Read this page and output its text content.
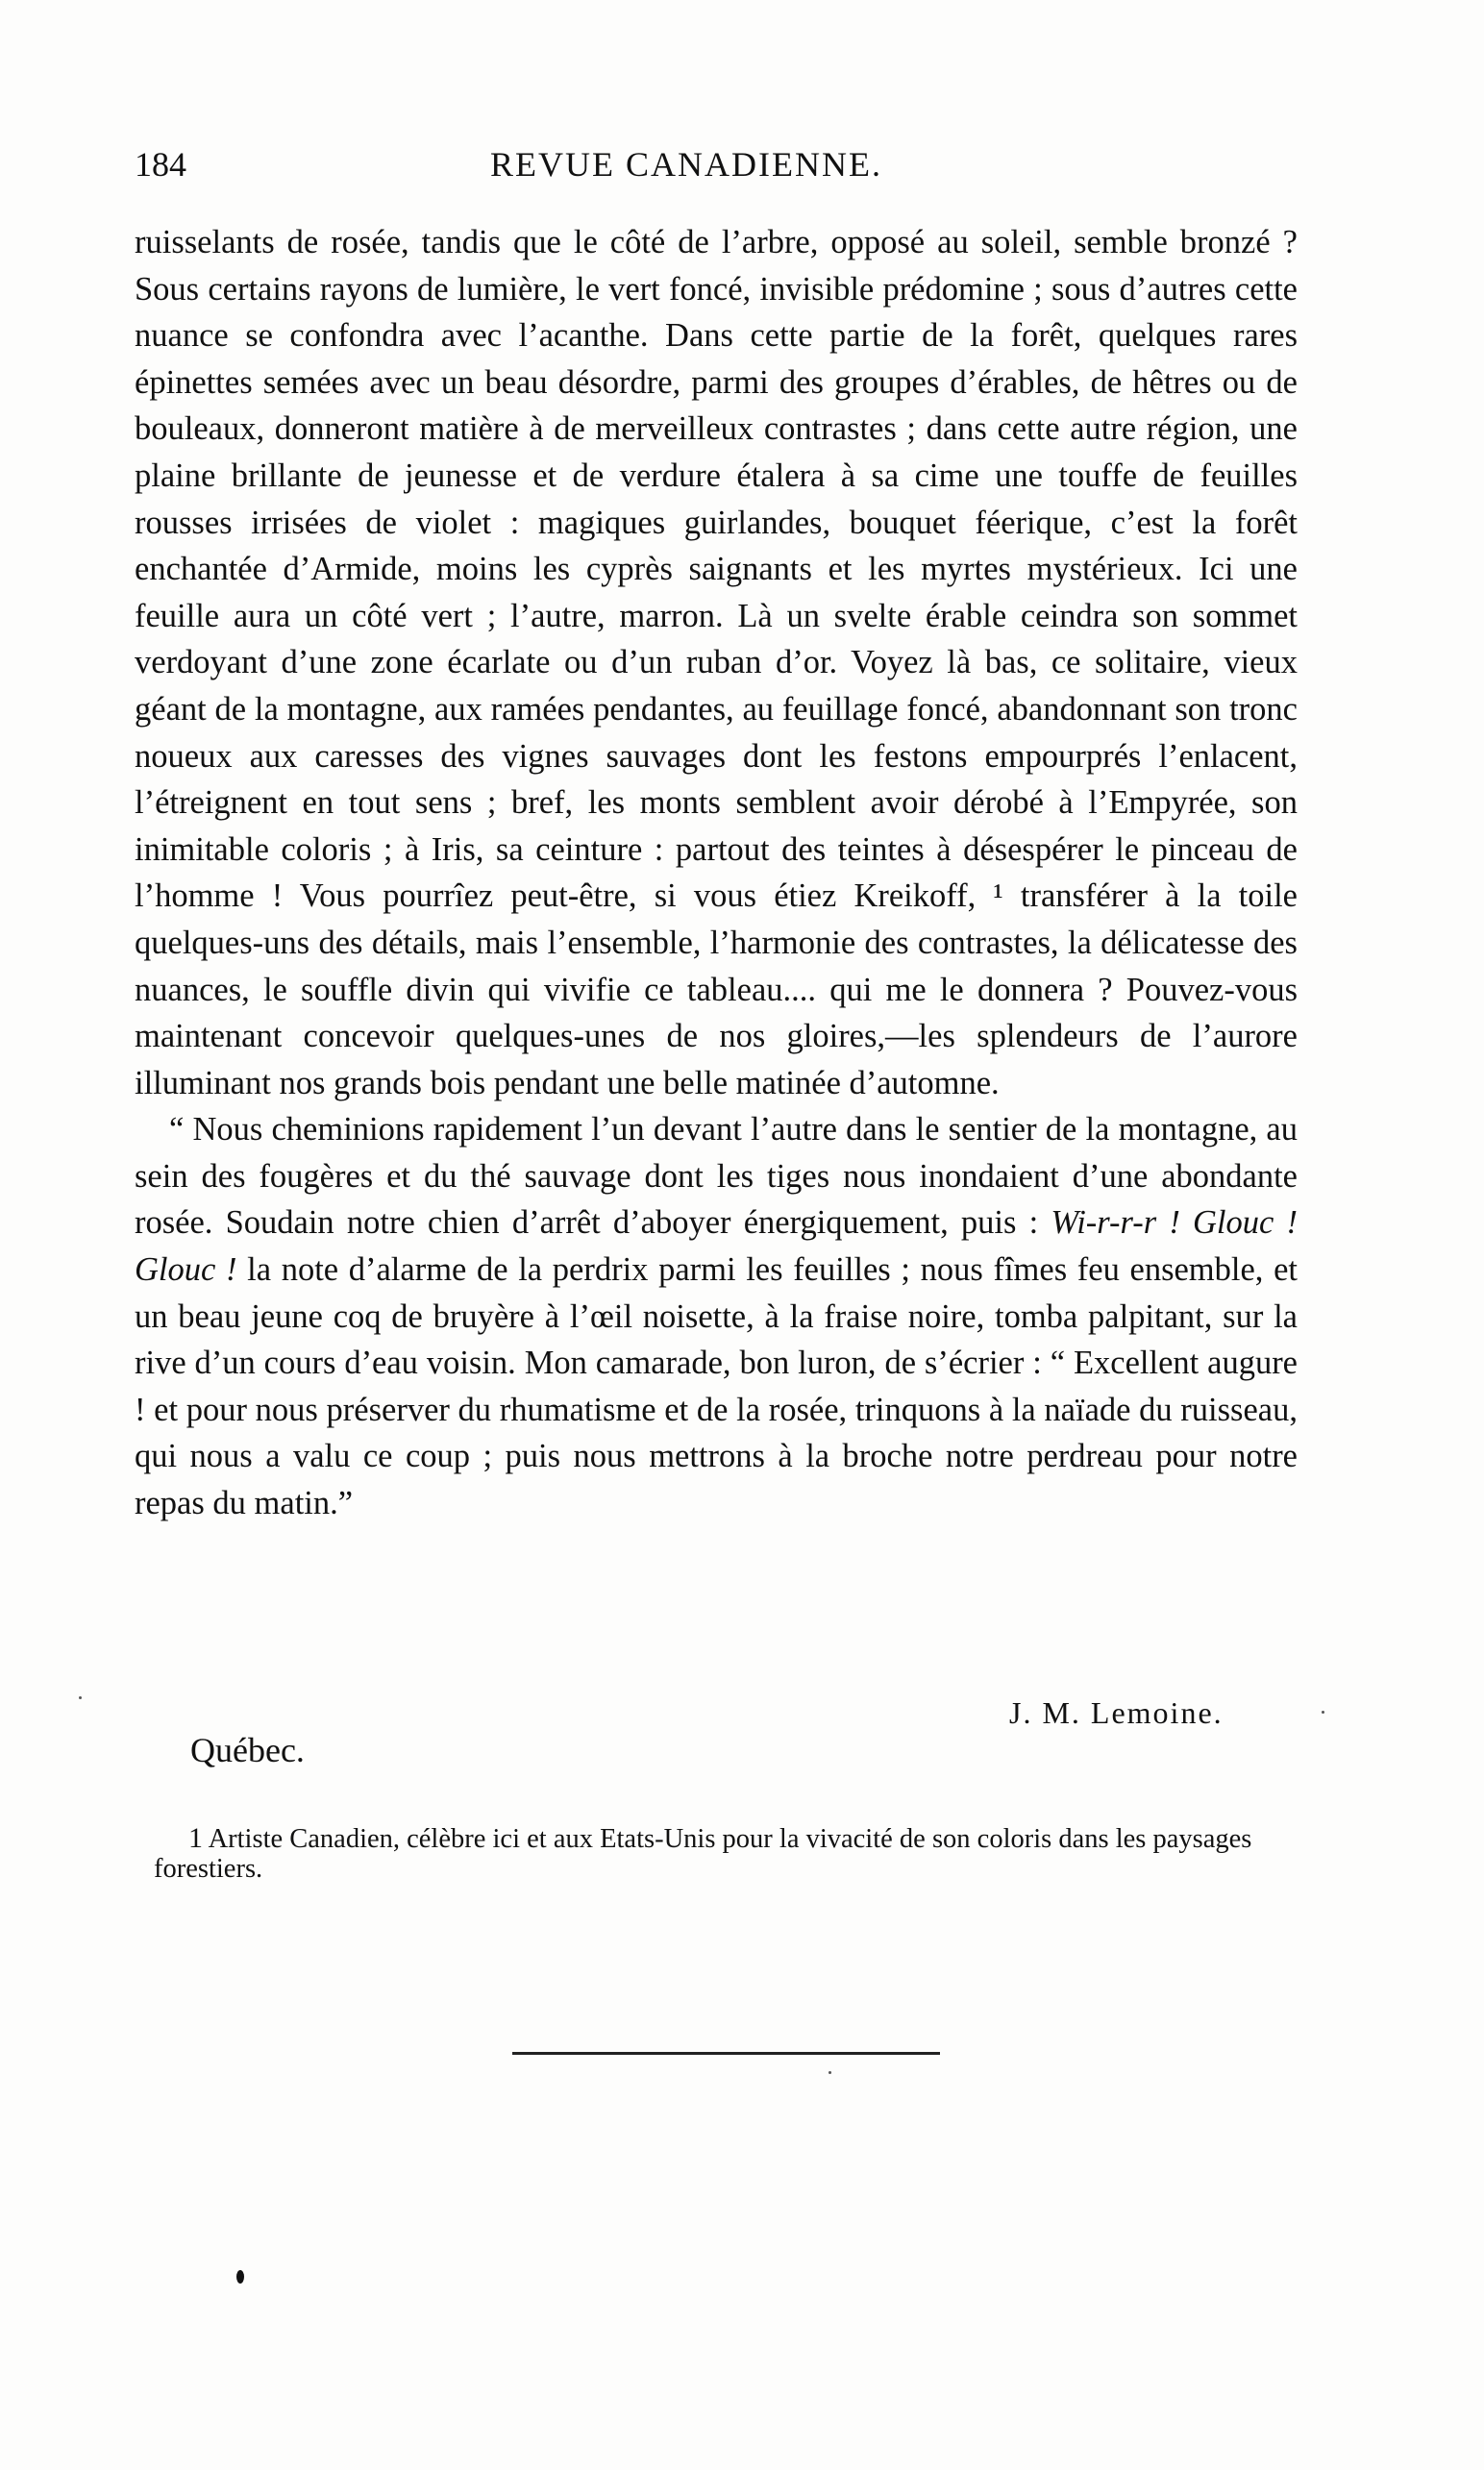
184	REVUE CANADIENNE.

ruisselants de rosée, tandis que le côté de l’arbre, opposé au soleil, semble bronzé ? Sous certains rayons de lumière, le vert foncé, invisible prédomine ; sous d’autres cette nuance se confondra avec l’acanthe. Dans cette partie de la forêt, quelques rares épinettes semées avec un beau désordre, parmi des groupes d’érables, de hêtres ou de bouleaux, donneront matière à de merveilleux contrastes ; dans cette autre région, une plaine brillante de jeunesse et de verdure étalera à sa cime une touffe de feuilles rousses irrisées de violet : magiques guirlandes, bouquet féerique, c’est la forêt enchantée d’Armide, moins les cyprès saignants et les myrtes mystérieux. Ici une feuille aura un côté vert ; l’autre, marron. Là un svelte érable ceindra son sommet verdoyant d’une zone écarlate ou d’un ruban d’or. Voyez là bas, ce solitaire, vieux géant de la montagne, aux ramées pendantes, au feuillage foncé, abandonnant son tronc noueux aux caresses des vignes sauvages dont les festons empourprés l’enlacent, l’étreignent en tout sens ; bref, les monts semblent avoir dérobé à l’Empyrée, son inimitable coloris ; à Iris, sa ceinture : partout des teintes à désespérer le pinceau de l’homme ! Vous pourrîez peut-être, si vous étiez Kreikoff, ¹ transférer à la toile quelques-uns des détails, mais l’ensemble, l’harmonie des contrastes, la délicatesse des nuances, le souffle divin qui vivifie ce tableau.... qui me le donnera ? Pouvez-vous maintenant concevoir quelques-unes de nos gloires,—les splendeurs de l’aurore illuminant nos grands bois pendant une belle matinée d’automne.

“ Nous cheminions rapidement l’un devant l’autre dans le sentier de la montagne, au sein des fougères et du thé sauvage dont les tiges nous inondaient d’une abondante rosée. Soudain notre chien d’arrêt d’aboyer énergiquement, puis : Wi-r-r-r ! Glouc ! Glouc ! la note d’alarme de la perdrix parmi les feuilles ; nous fîmes feu ensemble, et un beau jeune coq de bruyère à l’œil noisette, à la fraise noire, tomba palpitant, sur la rive d’un cours d’eau voisin. Mon camarade, bon luron, de s’écrier : “ Excellent augure ! et pour nous préserver du rhumatisme et de la rosée, trinquons à la naïade du ruisseau, qui nous a valu ce coup ; puis nous mettrons à la broche notre perdreau pour notre repas du matin.”

J. M. Lemoine.
Québec.
1 Artiste Canadien, célèbre ici et aux Etats-Unis pour la vivacité de son coloris dans les paysages forestiers.
